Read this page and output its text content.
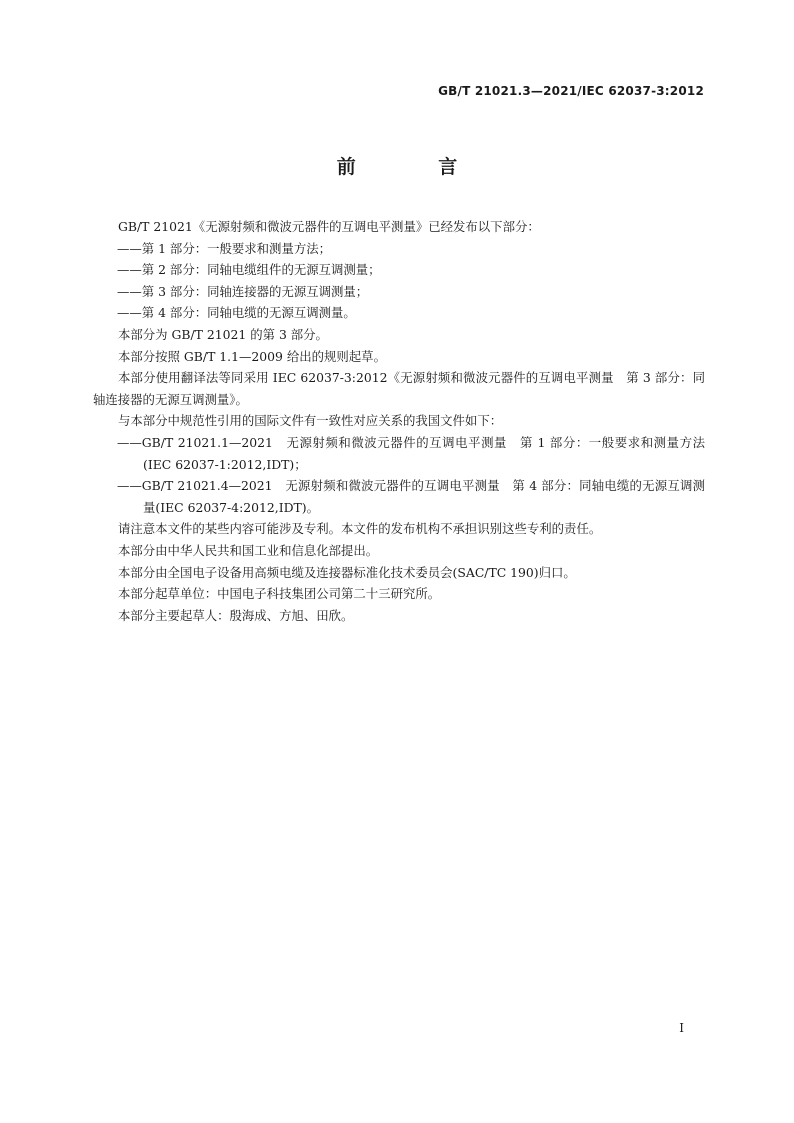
GB/T 21021.3—2021/IEC 62037-3:2012
前 言

GB/T 21021《无源射频和微波元器件的互调电平测量》已经发布以下部分：

——第 1 部分：一般要求和测量方法；

——第 2 部分：同轴电缆组件的无源互调测量；

——第 3 部分：同轴连接器的无源互调测量；

——第 4 部分：同轴电缆的无源互调测量。

本部分为 GB/T 21021 的第 3 部分。

本部分按照 GB/T 1.1—2009 给出的规则起草。

本部分使用翻译法等同采用 IEC 62037-3:2012《无源射频和微波元器件的互调电平测量　第 3 部分：同轴连接器的无源互调测量》。

与本部分中规范性引用的国际文件有一致性对应关系的我国文件如下：

——GB/T 21021.1—2021　无源射频和微波元器件的互调电平测量　第 1 部分：一般要求和测量方法(IEC 62037-1:2012,IDT)；

——GB/T 21021.4—2021　无源射频和微波元器件的互调电平测量　第 4 部分：同轴电缆的无源互调测量(IEC 62037-4:2012,IDT)。

请注意本文件的某些内容可能涉及专利。本文件的发布机构不承担识别这些专利的责任。

本部分由中华人民共和国工业和信息化部提出。

本部分由全国电子设备用高频电缆及连接器标准化技术委员会(SAC/TC 190)归口。

本部分起草单位：中国电子科技集团公司第二十三研究所。

本部分主要起草人：殷海成、方旭、田欣。

I
